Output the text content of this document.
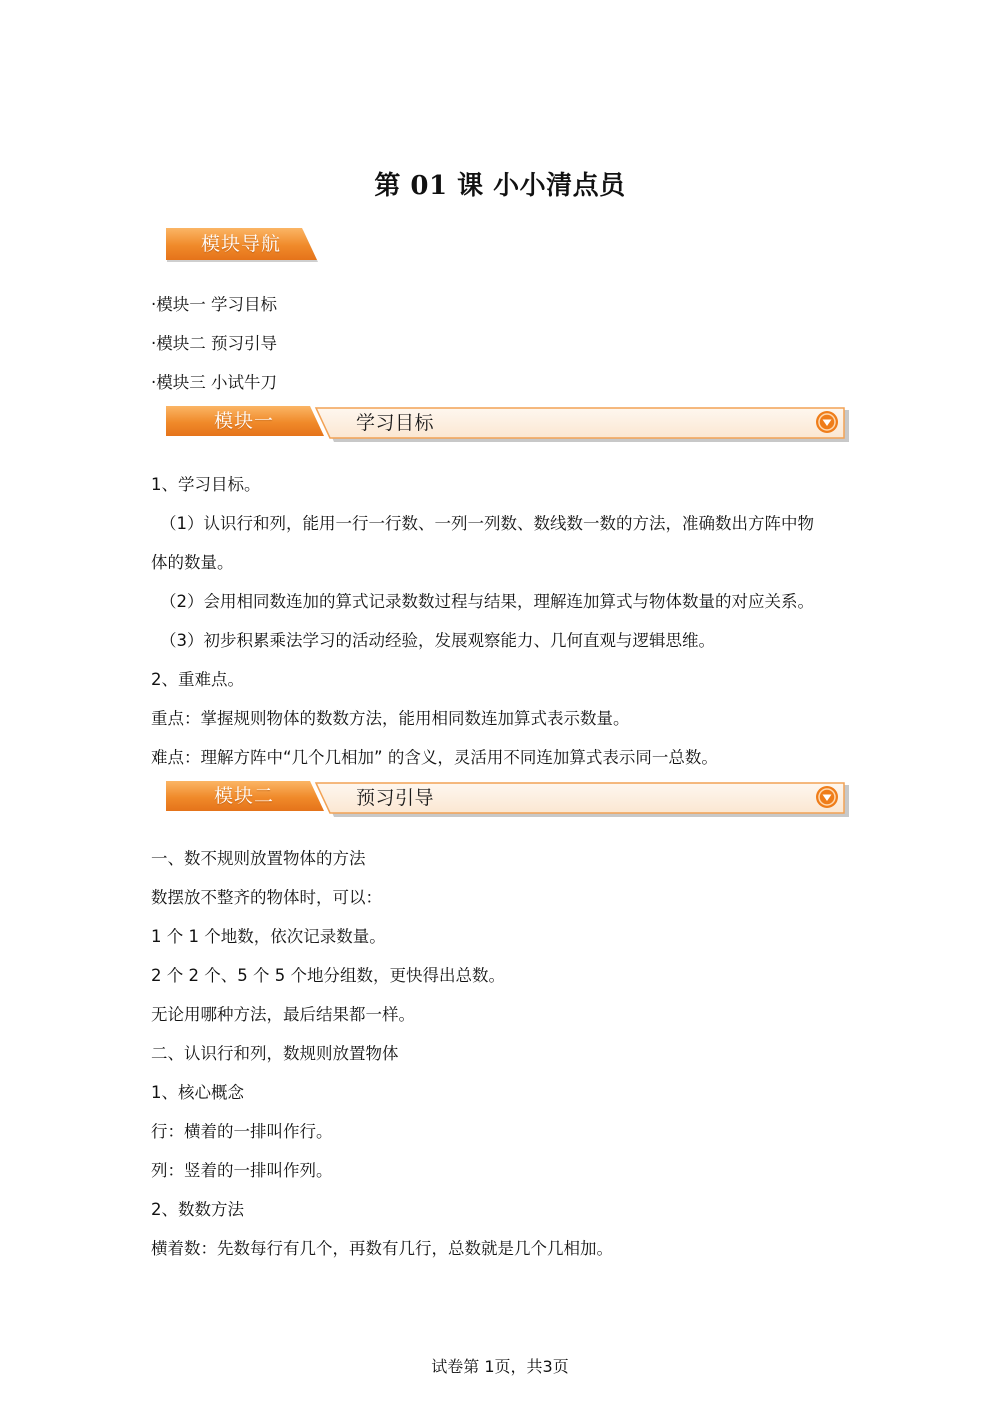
第 01 课 小小清点员
模块导航
·模块一 学习目标
·模块二 预习引导
·模块三 小试牛刀
模块一	学习目标
1、学习目标。
（1）认识行和列，能用一行一行数、一列一列数、数线数一数的方法，准确数出方阵中物
体的数量。
（2）会用相同数连加的算式记录数数过程与结果，理解连加算式与物体数量的对应关系。
（3）初步积累乘法学习的活动经验，发展观察能力、几何直观与逻辑思维。
2、重难点。
重点：掌握规则物体的数数方法，能用相同数连加算式表示数量。
难点：理解方阵中“几个几相加” 的含义，灵活用不同连加算式表示同一总数。
模块二	预习引导
一、数不规则放置物体的方法
数摆放不整齐的物体时，可以：
1 个 1 个地数，依次记录数量。
2 个 2 个、5 个 5 个地分组数，更快得出总数。
无论用哪种方法，最后结果都一样。
二、认识行和列，数规则放置物体
1、核心概念
行：横着的一排叫作行。
列：竖着的一排叫作列。
2、数数方法
横着数：先数每行有几个，再数有几行，总数就是几个几相加。
试卷第 1页，共3页
